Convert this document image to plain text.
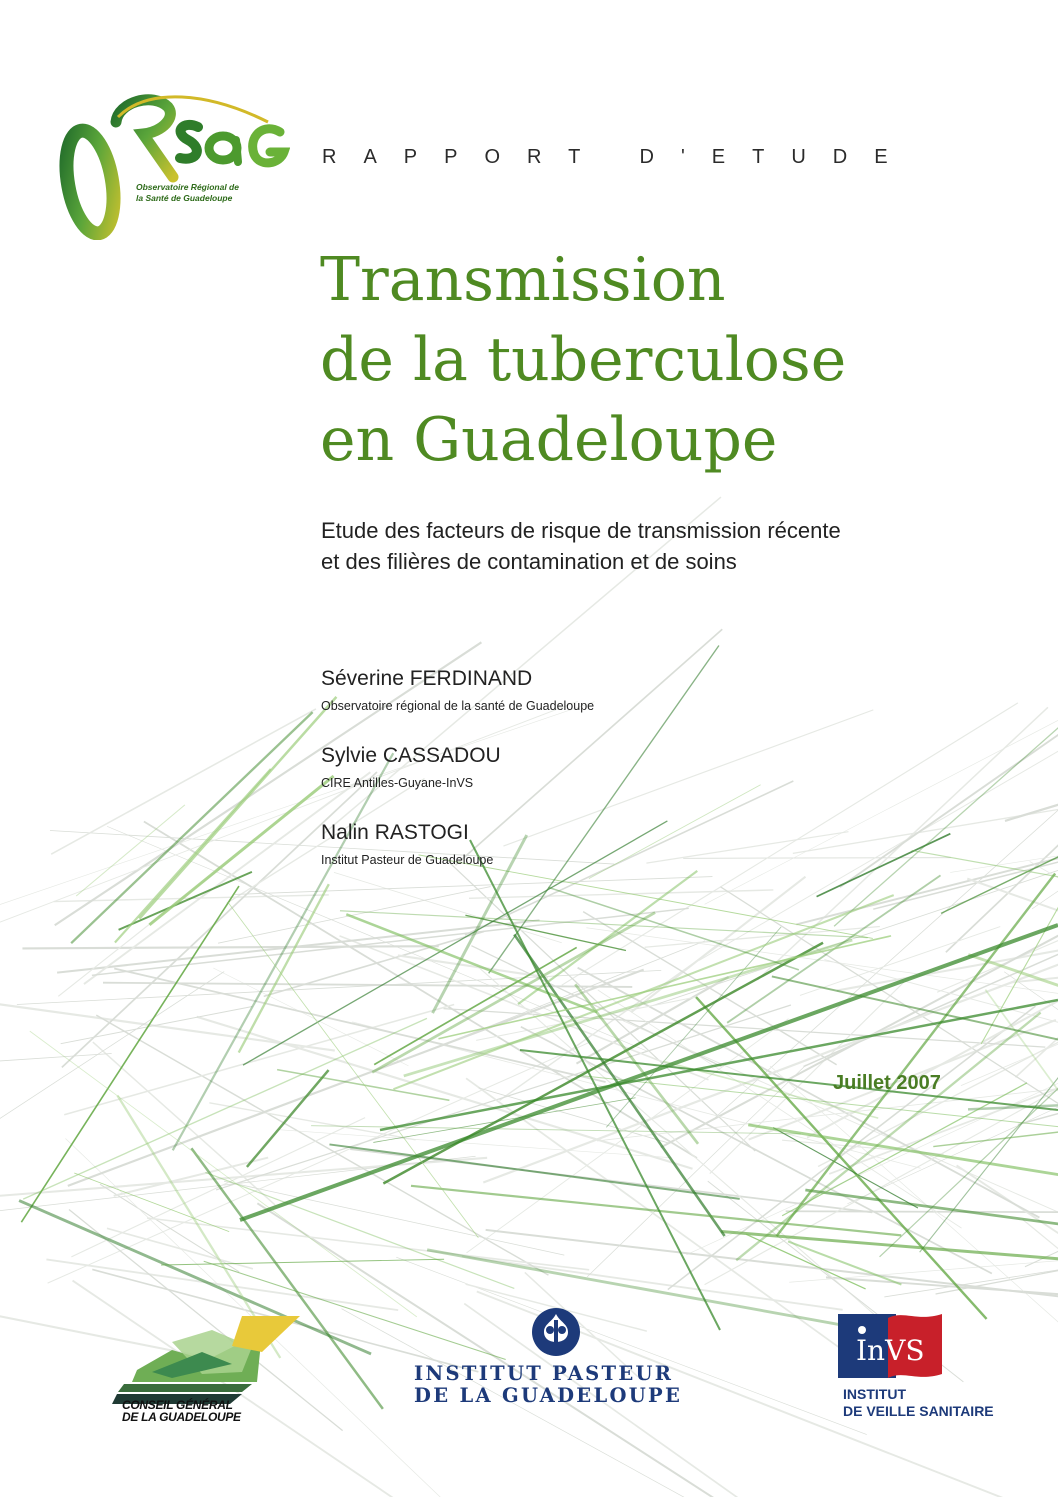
Observatoire Régional de
la Santé de Guadeloupe
RAPPORT D'ETUDE
Transmission
de la tuberculose
en Guadeloupe
Etude des facteurs de risque de transmission récente
et des filières de contamination et de soins
Séverine FERDINAND
Observatoire régional de la santé de Guadeloupe
Sylvie CASSADOU
CIRE Antilles-Guyane-InVS
Nalin RASTOGI
Institut Pasteur de Guadeloupe
Juillet 2007
CONSEIL GÉNÉRAL
DE LA GUADELOUPE
INSTITUT PASTEUR
DE LA GUADELOUPE
InVS
INSTITUT
DE VEILLE SANITAIRE
